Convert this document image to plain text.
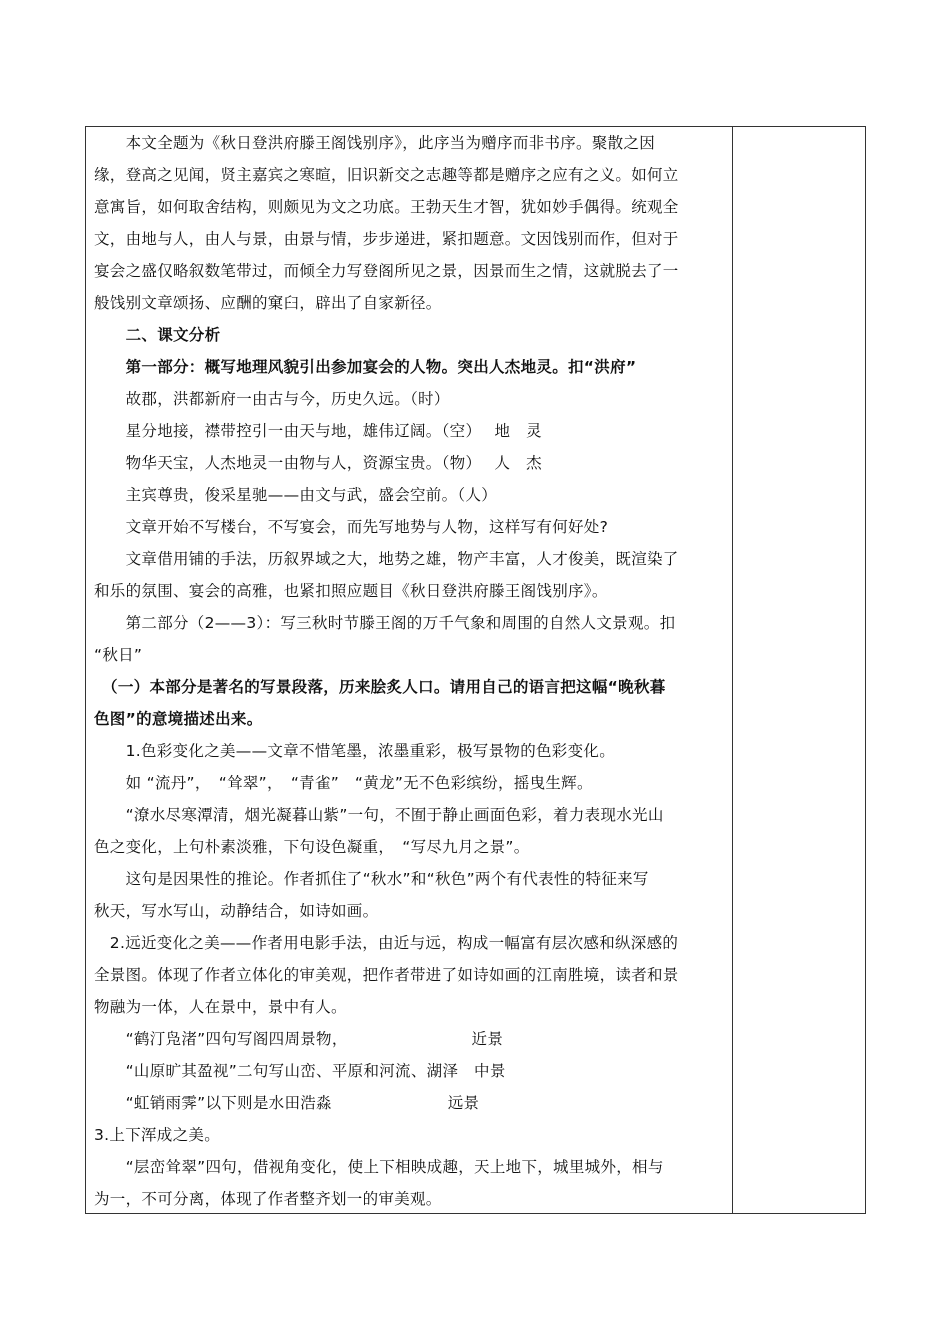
　　本文全题为《秋日登洪府滕王阁饯别序》，此序当为赠序而非书序。聚散之因
缘，登高之见闻，贤主嘉宾之寒暄，旧识新交之志趣等都是赠序之应有之义。如何立
意寓旨，如何取舍结构，则颇见为文之功底。王勃天生才智，犹如妙手偶得。统观全
文，由地与人，由人与景，由景与情，步步递进，紧扣题意。文因饯别而作，但对于
宴会之盛仅略叙数笔带过，而倾全力写登阁所见之景，因景而生之情，这就脱去了一
般饯别文章颂扬、应酬的窠臼，辟出了自家新径。
　　二、课文分析
　　第一部分：概写地理风貌引出参加宴会的人物。突出人杰地灵。扣“洪府”
　　故郡，洪都新府一由古与今，历史久远。（时）
　　星分地接，襟带控引一由天与地，雄伟辽阔。（空）　 地　灵
　　物华天宝，人杰地灵一由物与人，资源宝贵。（物）　 人　杰
　　主宾尊贵，俊采星驰——由文与武，盛会空前。（人）
　　文章开始不写楼台，不写宴会，而先写地势与人物，这样写有何好处?
　　文章借用铺的手法，历叙界域之大，地势之雄，物产丰富，人才俊美，既渲染了
和乐的氛围、宴会的高雅，也紧扣照应题目《秋日登洪府滕王阁饯别序》。
　　第二部分（2——3）：写三秋时节滕王阁的万千气象和周围的自然人文景观。扣
“秋日”
　（一）本部分是著名的写景段落，历来脍炙人口。请用自己的语言把这幅“晚秋暮
色图”的意境描述出来。
　　1.色彩变化之美——文章不惜笔墨，浓墨重彩，极写景物的色彩变化。
　　如 “流丹”，　“耸翠”，　“青雀”　“黄龙”无不色彩缤纷，摇曳生辉。
　　“潦水尽寒潭清，烟光凝暮山紫”一句，不囿于静止画面色彩，着力表现水光山
色之变化，上句朴素淡雅，下句设色凝重，　“写尽九月之景”。
　　这句是因果性的推论。作者抓住了“秋水”和“秋色”两个有代表性的特征来写
秋天，写水写山，动静结合，如诗如画。
　2.远近变化之美——作者用电影手法，由近与远，构成一幅富有层次感和纵深感的
全景图。体现了作者立体化的审美观，把作者带进了如诗如画的江南胜境，读者和景
物融为一体，人在景中，景中有人。
　　“鹤汀凫渚”四句写阁四周景物，　　　　　　　　 近景
　　“山原旷其盈视”二句写山峦、平原和河流、湖泽　中景
　　“虹销雨霁”以下则是水田浩淼　　　　　　　 远景
3.上下浑成之美。
　　“层峦耸翠”四句，借视角变化，使上下相映成趣，天上地下，城里城外，相与
为一，不可分离，体现了作者整齐划一的审美观。
